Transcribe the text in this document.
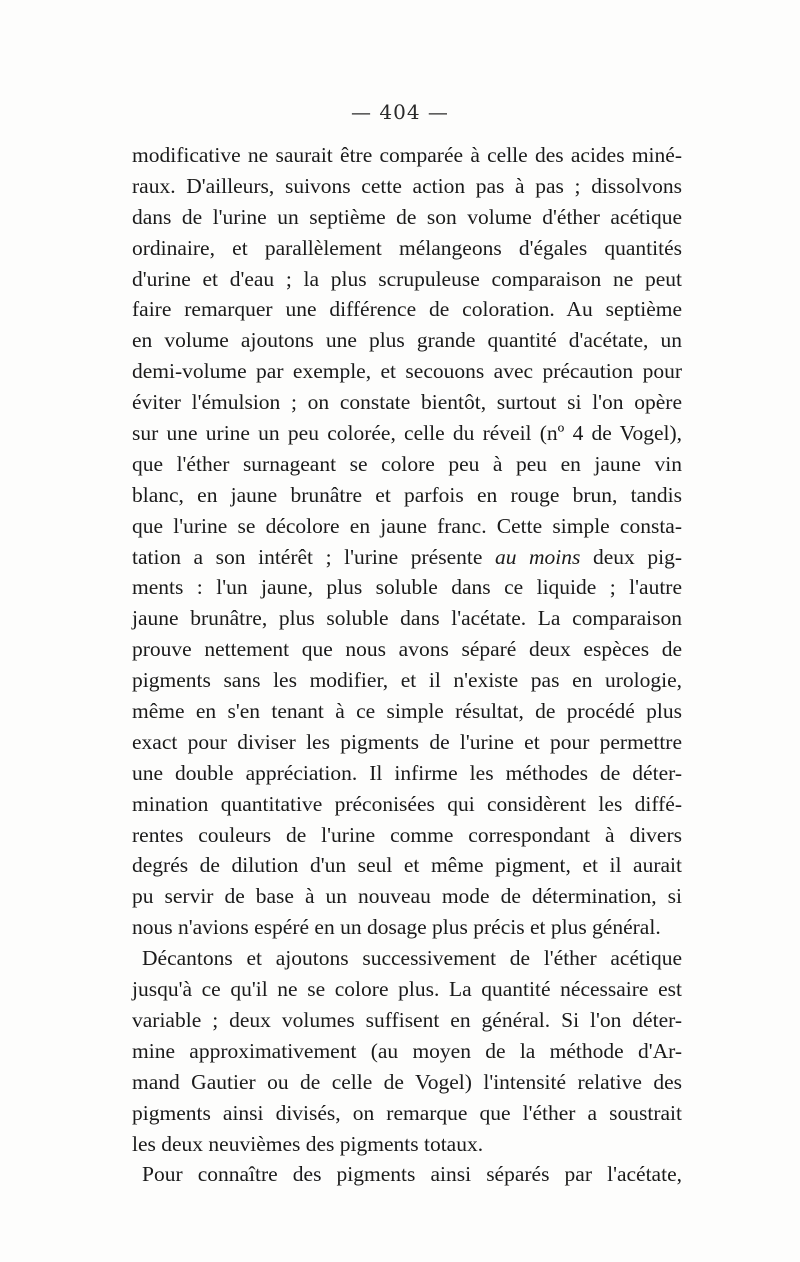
— 404 —
modificative ne saurait être comparée à celle des acides miné-
raux. D'ailleurs, suivons cette action pas à pas ; dissolvons
dans de l'urine un septième de son volume d'éther acétique
ordinaire, et parallèlement mélangeons d'égales quantités
d'urine et d'eau ; la plus scrupuleuse comparaison ne peut
faire remarquer une différence de coloration. Au septième
en volume ajoutons une plus grande quantité d'acétate, un
demi-volume par exemple, et secouons avec précaution pour
éviter l'émulsion ; on constate bientôt, surtout si l'on opère
sur une urine un peu colorée, celle du réveil (nº 4 de Vogel),
que l'éther surnageant se colore peu à peu en jaune vin
blanc, en jaune brunâtre et parfois en rouge brun, tandis
que l'urine se décolore en jaune franc. Cette simple consta-
tation a son intérêt ; l'urine présente au moins deux pig-
ments : l'un jaune, plus soluble dans ce liquide ; l'autre
jaune brunâtre, plus soluble dans l'acétate. La comparaison
prouve nettement que nous avons séparé deux espèces de
pigments sans les modifier, et il n'existe pas en urologie,
même en s'en tenant à ce simple résultat, de procédé plus
exact pour diviser les pigments de l'urine et pour permettre
une double appréciation. Il infirme les méthodes de déter-
mination quantitative préconisées qui considèrent les diffé-
rentes couleurs de l'urine comme correspondant à divers
degrés de dilution d'un seul et même pigment, et il aurait
pu servir de base à un nouveau mode de détermination, si
nous n'avions espéré en un dosage plus précis et plus général.
Décantons et ajoutons successivement de l'éther acétique
jusqu'à ce qu'il ne se colore plus. La quantité nécessaire est
variable ; deux volumes suffisent en général. Si l'on déter-
mine approximativement (au moyen de la méthode d'Ar-
mand Gautier ou de celle de Vogel) l'intensité relative des
pigments ainsi divisés, on remarque que l'éther a soustrait
les deux neuvièmes des pigments totaux.
Pour connaître des pigments ainsi séparés par l'acétate,
